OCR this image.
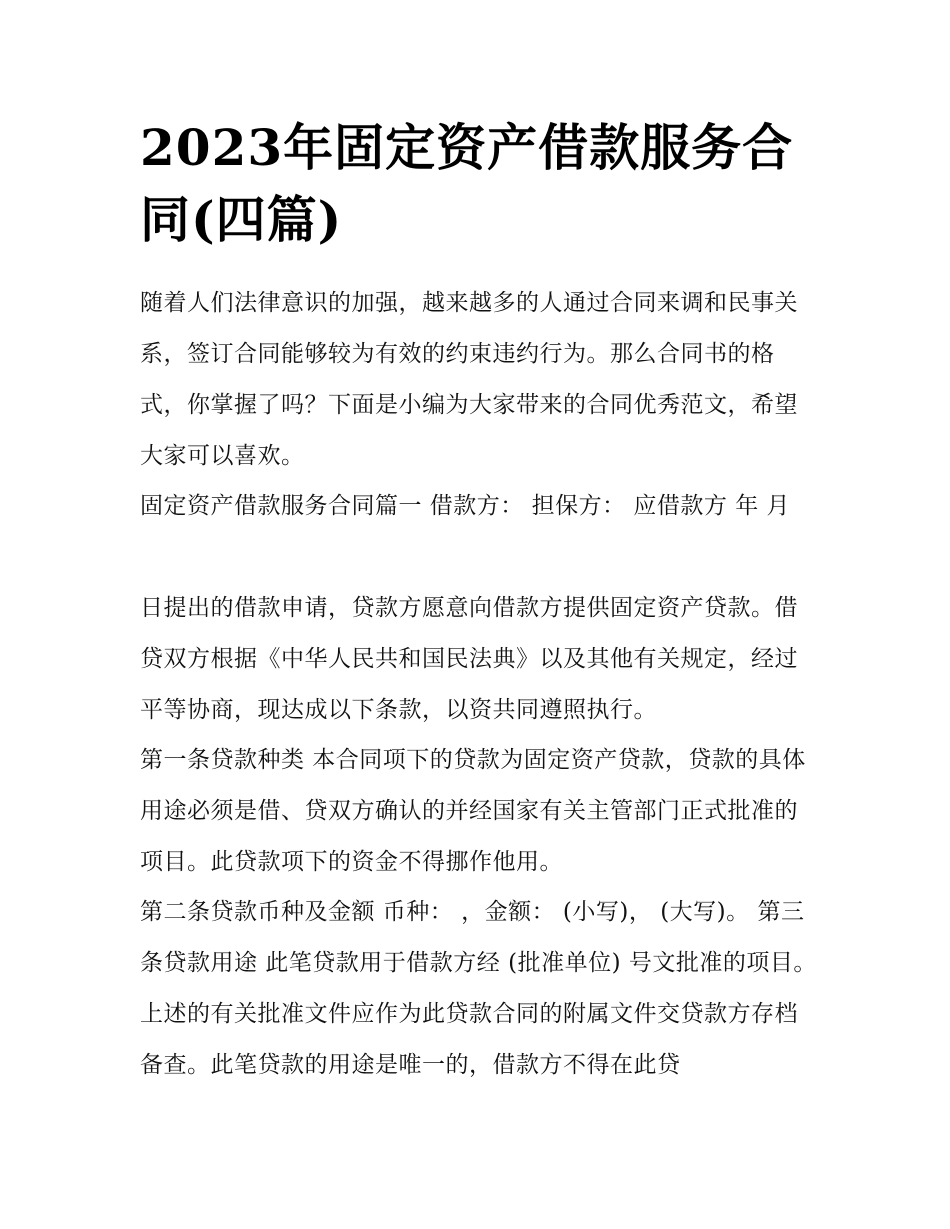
2023年固定资产借款服务合同(四篇)

随着人们法律意识的加强，越来越多的人通过合同来调和民事关系，签订合同能够较为有效的约束违约行为。那么合同书的格式，你掌握了吗？下面是小编为大家带来的合同优秀范文，希望大家可以喜欢。

固定资产借款服务合同篇一 借款方： 担保方： 应借款方 年 月

日提出的借款申请，贷款方愿意向借款方提供固定资产贷款。借贷双方根据《中华人民共和国民法典》以及其他有关规定，经过平等协商，现达成以下条款，以资共同遵照执行。

第一条贷款种类 本合同项下的贷款为固定资产贷款，贷款的具体用途必须是借、贷双方确认的并经国家有关主管部门正式批准的项目。此贷款项下的资金不得挪作他用。

第二条贷款币种及金额 币种： ，金额： (小写)， (大写)。 第三条贷款用途 此笔贷款用于借款方经 (批准单位) 号文批准的项目。上述的有关批准文件应作为此贷款合同的附属文件交贷款方存档备查。此笔贷款的用途是唯一的，借款方不得在此贷
